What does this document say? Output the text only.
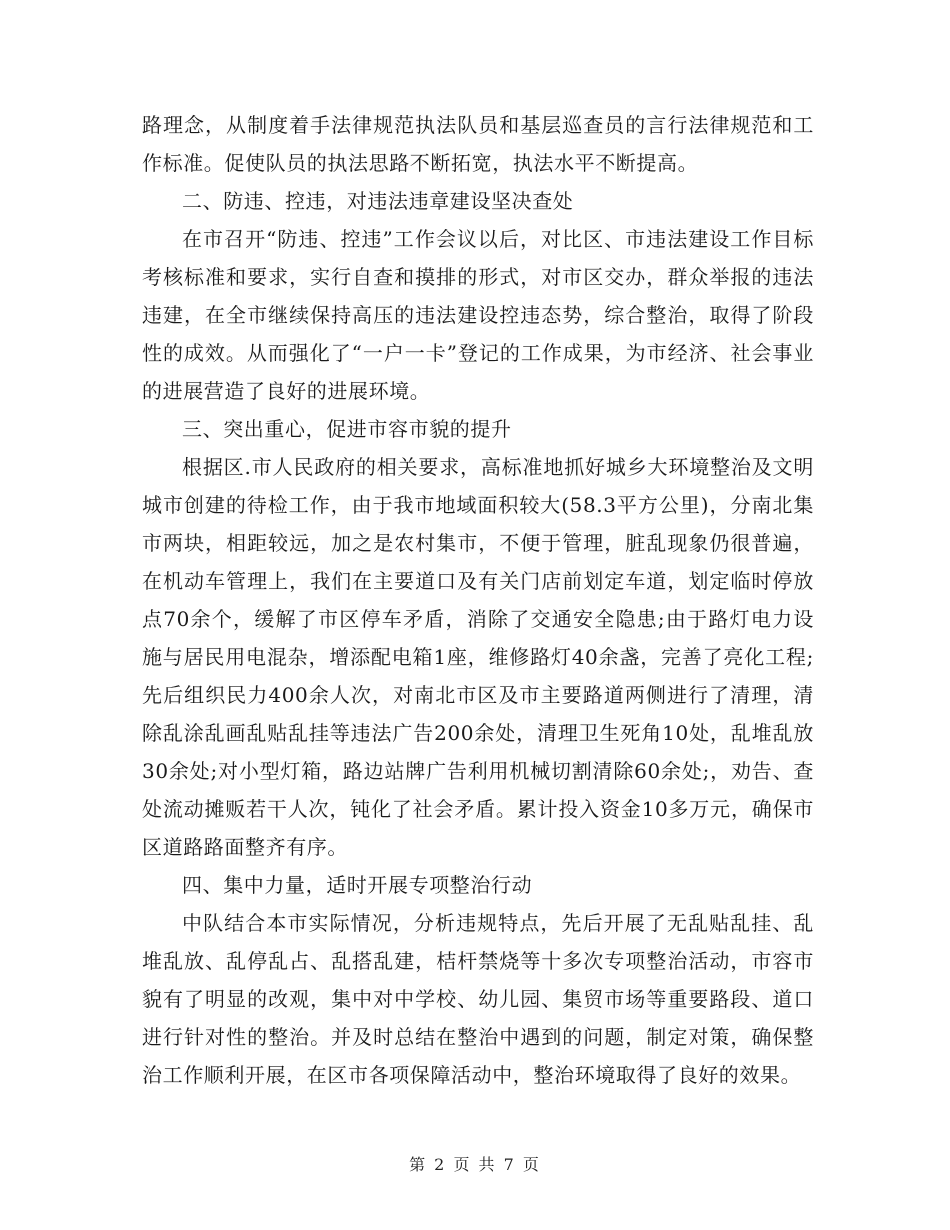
路理念，从制度着手法律规范执法队员和基层巡查员的言行法律规范和工作标准。促使队员的执法思路不断拓宽，执法水平不断提高。

二、防违、控违，对违法违章建设坚决查处

在市召开“防违、控违”工作会议以后，对比区、市违法建设工作目标考核标准和要求，实行自查和摸排的形式，对市区交办，群众举报的违法违建，在全市继续保持高压的违法建设控违态势，综合整治，取得了阶段性的成效。从而强化了“一户一卡”登记的工作成果，为市经济、社会事业的进展营造了良好的进展环境。

三、突出重心，促进市容市貌的提升

根据区.市人民政府的相关要求，高标准地抓好城乡大环境整治及文明城市创建的待检工作，由于我市地域面积较大(58.3平方公里)，分南北集市两块，相距较远，加之是农村集市，不便于管理，脏乱现象仍很普遍，在机动车管理上，我们在主要道口及有关门店前划定车道，划定临时停放点70余个，缓解了市区停车矛盾，消除了交通安全隐患;由于路灯电力设施与居民用电混杂，增添配电箱1座，维修路灯40余盏，完善了亮化工程;先后组织民力400余人次，对南北市区及市主要路道两侧进行了清理，清除乱涂乱画乱贴乱挂等违法广告200余处，清理卫生死角10处，乱堆乱放30余处;对小型灯箱，路边站牌广告利用机械切割清除60余处;，劝告、查处流动摊贩若干人次，钝化了社会矛盾。累计投入资金10多万元，确保市区道路路面整齐有序。

四、集中力量，适时开展专项整治行动

中队结合本市实际情况，分析违规特点，先后开展了无乱贴乱挂、乱堆乱放、乱停乱占、乱搭乱建，桔杆禁烧等十多次专项整治活动，市容市貌有了明显的改观，集中对中学校、幼儿园、集贸市场等重要路段、道口进行针对性的整治。并及时总结在整治中遇到的问题，制定对策，确保整治工作顺利开展，在区市各项保障活动中，整治环境取得了良好的效果。

第 2 页 共 7 页
